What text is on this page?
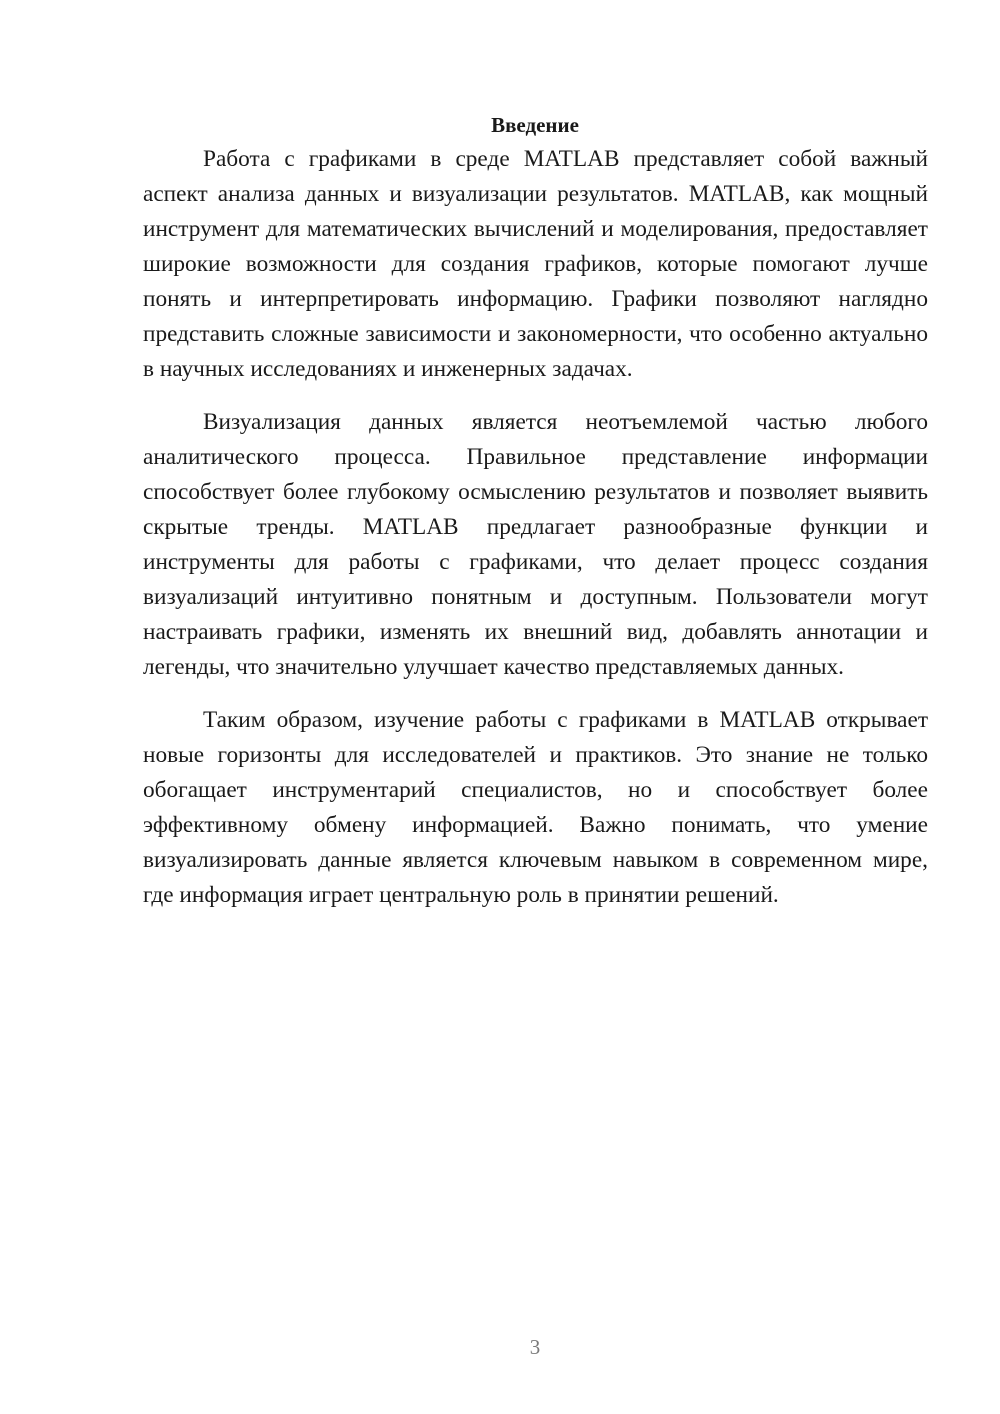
Введение

Работа с графиками в среде MATLAB представляет собой важный аспект анализа данных и визуализации результатов. MATLAB, как мощный инструмент для математических вычислений и моделирования, предоставляет широкие возможности для создания графиков, которые помогают лучше понять и интерпретировать информацию. Графики позволяют наглядно представить сложные зависимости и закономерности, что особенно актуально в научных исследованиях и инженерных задачах.

Визуализация данных является неотъемлемой частью любого аналитического процесса. Правильное представление информации способствует более глубокому осмыслению результатов и позволяет выявить скрытые тренды. MATLAB предлагает разнообразные функции и инструменты для работы с графиками, что делает процесс создания визуализаций интуитивно понятным и доступным. Пользователи могут настраивать графики, изменять их внешний вид, добавлять аннотации и легенды, что значительно улучшает качество представляемых данных.

Таким образом, изучение работы с графиками в MATLAB открывает новые горизонты для исследователей и практиков. Это знание не только обогащает инструментарий специалистов, но и способствует более эффективному обмену информацией. Важно понимать, что умение визуализировать данные является ключевым навыком в современном мире, где информация играет центральную роль в принятии решений.

3
